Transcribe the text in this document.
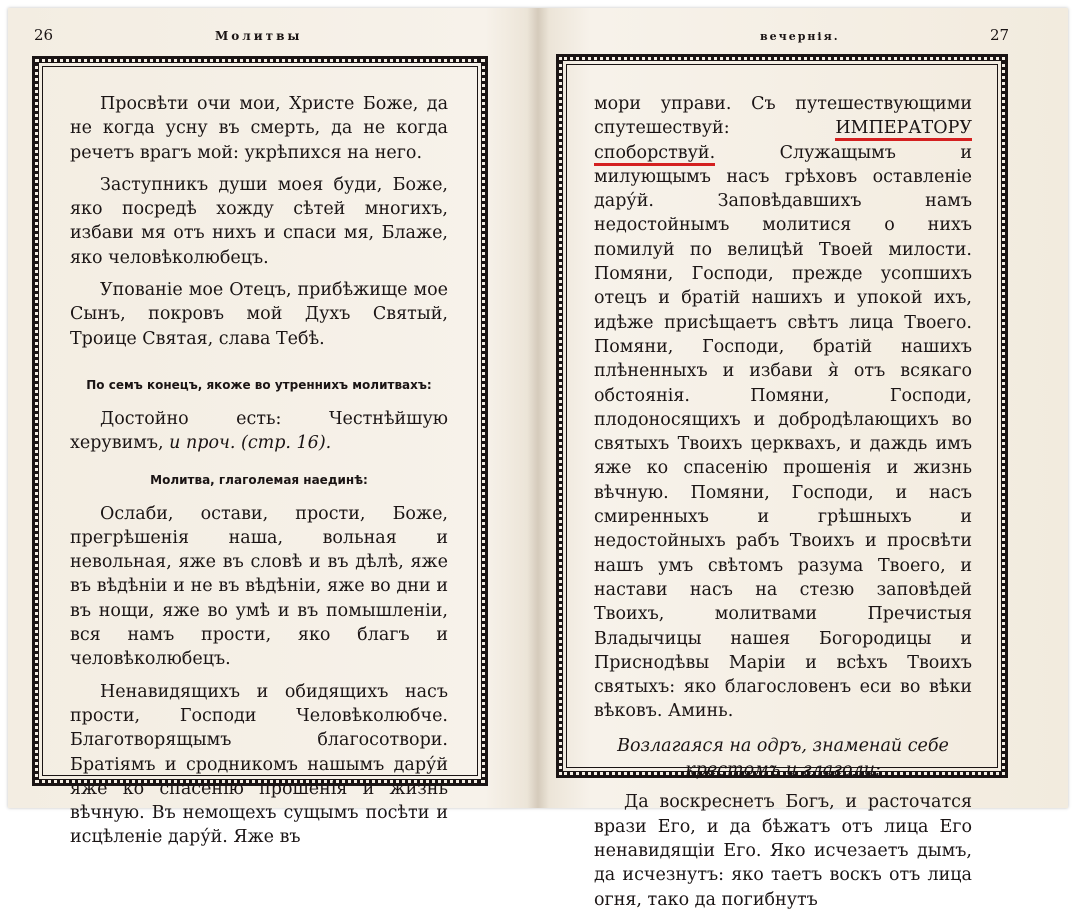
26	Молитвы

Просвѣти очи мои, Христе Боже, да не когда усну въ смерть, да не когда речетъ врагъ мой: укрѣпихся на него.

Заступникъ души моея буди, Боже, яко посредѣ хожду сѣтей многихъ, избави мя отъ нихъ и спаси мя, Блаже, яко человѣколюбецъ.

Упованіе мое Отецъ, прибѣжище мое Сынъ, покровъ мой Духъ Святый, Троице Святая, слава Тебѣ.

По семъ конецъ, якоже во утреннихъ молитвахъ:

Достойно есть: Честнѣйшую херувимъ, и проч. (стр. 16).

Молитва, глаголемая наединѣ:

Ослаби, остави, прости, Боже, прегрѣшенія наша, вольная и невольная, яже въ словѣ и въ дѣлѣ, яже въ вѣдѣніи и не въ вѣдѣніи, яже во дни и въ нощи, яже во умѣ и въ помышленіи, вся намъ прости, яко благъ и человѣколюбецъ.

Ненавидящихъ и обидящихъ насъ прости, Господи Человѣколюбче. Благотворящымъ благосотвори. Братіямъ и сродникомъ нашымъ дару́й яже ко спасенію прошенія и жизнь вѣчную. Въ немощехъ сущымъ посѣти и исцѣленіе дару́й. Яже въ

вечернія.	27

мори управи. Съ путешествующими спутешествуй:	ИМПЕРАТОРУ споборствуй.	Служащымъ и милующымъ насъ грѣховъ оставленіе дару́й. Заповѣдавшихъ намъ недостойнымъ молитися о нихъ помилуй по велицѣй Твоей милости. Помяни, Господи, прежде усопшихъ отецъ и братій нашихъ и упокой ихъ, идѣже присѣщаетъ свѣтъ лица Твоего. Помяни, Господи, братій нашихъ плѣненныхъ и избави я̀ отъ всякаго обстоянія. Помяни, Господи, плодоносящихъ и добродѣлающихъ во святыхъ Твоихъ церквахъ, и даждь имъ яже ко спасенію прошенія и жизнь вѣчную. Помяни, Господи, и насъ смиренныхъ и грѣшныхъ и недостойныхъ рабъ Твоихъ и просвѣти нашъ умъ свѣтомъ разума Твоего, и настави насъ на стезю заповѣдей Твоихъ, молитвами Пречистыя Владычицы нашея Богородицы и Приснодѣвы Маріи и всѣхъ Твоихъ святыхъ: яко благословенъ еси во вѣки вѣковъ. Аминь.

Возлагаяся на одръ, знаменай себе крестомъ и глаголи:

Да воскреснетъ Богъ, и расточатся врази Его, и да бѣжатъ отъ лица Его ненавидящіи Его. Яко исчезаетъ дымъ, да исчезнутъ: яко таетъ воскъ отъ лица огня, тако да погибнутъ
